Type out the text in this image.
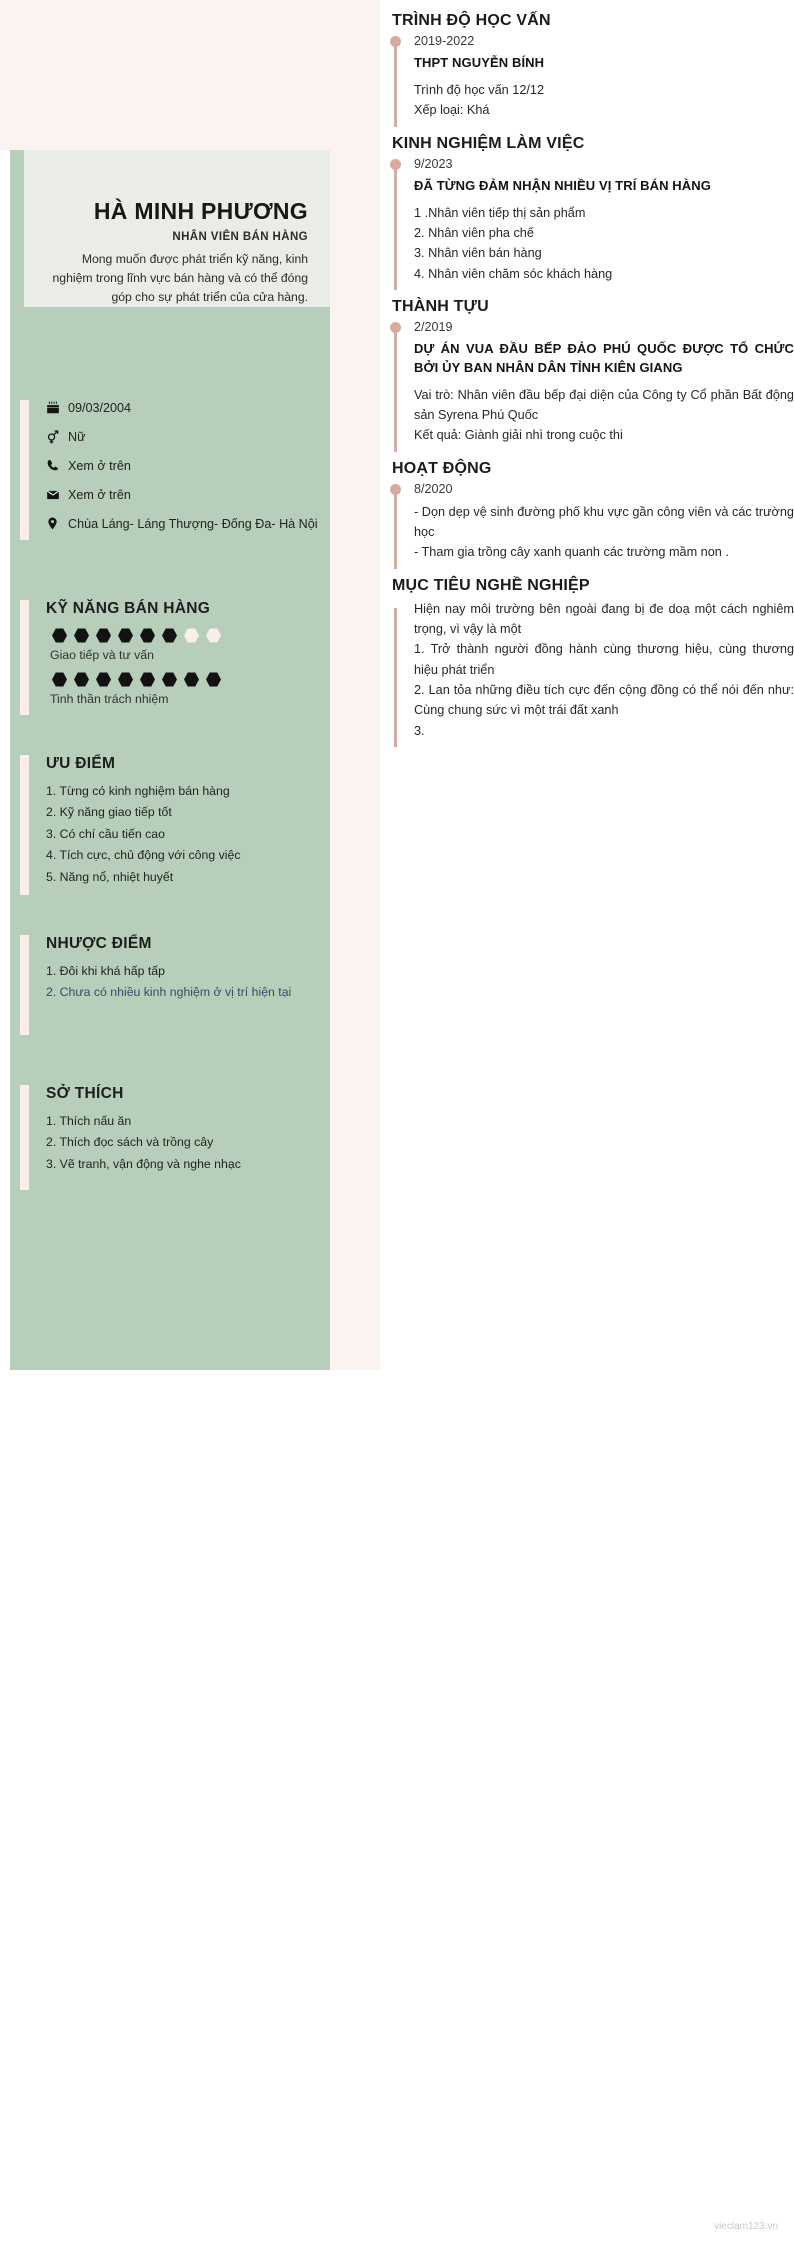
HÀ MINH PHƯƠNG
NHÂN VIÊN BÁN HÀNG
Mong muốn được phát triển kỹ năng, kinh nghiệm trong lĩnh vực bán hàng và có thể đóng góp cho sự phát triển của cửa hàng.
09/03/2004
Nữ
Xem ở trên
Xem ở trên
Chùa Láng- Láng Thượng- Đống Đa- Hà Nội
KỸ NĂNG BÁN HÀNG
Giao tiếp và tư vấn
Tinh thần trách nhiệm
ƯU ĐIỂM
1. Từng có kinh nghiệm bán hàng
2. Kỹ năng giao tiếp tốt
3. Có chí cầu tiến cao
4. Tích cực, chủ động với công việc
5. Năng nổ, nhiệt huyết
NHƯỢC ĐIỂM
1. Đôi khi khá hấp tấp
2. Chưa có nhiều kinh nghiệm ở vị trí hiện tại
SỞ THÍCH
1. Thích nấu ăn
2. Thích đọc sách và trồng cây
3. Vẽ tranh, vận động và nghe nhạc
TRÌNH ĐỘ HỌC VẤN
2019-2022
THPT NGUYỄN BÍNH
Trình độ học vấn 12/12
Xếp loại: Khá
KINH NGHIỆM LÀM VIỆC
9/2023
ĐÃ TỪNG ĐẢM NHẬN NHIỀU VỊ TRÍ BÁN HÀNG
1 .Nhân viên tiếp thị sản phẩm
2. Nhân viên pha chế
3. Nhân viên bán hàng
4. Nhân viên chăm sóc khách hàng
THÀNH TỰU
2/2019
DỰ ÁN VUA ĐẦU BẾP ĐẢO PHÚ QUỐC ĐƯỢC TỔ CHỨC BỞI ỦY BAN NHÂN DÂN TỈNH KIÊN GIANG
Vai trò: Nhân viên đầu bếp đại diện của Công ty Cổ phần Bất động sản Syrena Phú Quốc
Kết quả: Giành giải nhì trong cuộc thi
HOẠT ĐỘNG
8/2020
- Dọn dẹp vệ sinh đường phố khu vực gần công viên và các trường học
- Tham gia trồng cây xanh quanh các trường mầm non .
MỤC TIÊU NGHỀ NGHIỆP
Hiện nay môi trường bên ngoài đang bị đe doạ một cách nghiêm trọng, vì vậy là một
1. Trở thành người đồng hành cùng thương hiệu, cùng thương hiệu phát triển
2. Lan tỏa những điều tích cực đến cộng đồng có thể nói đến như: Cùng chung sức vì một trái đất xanh
3.
vieclam123.vn
